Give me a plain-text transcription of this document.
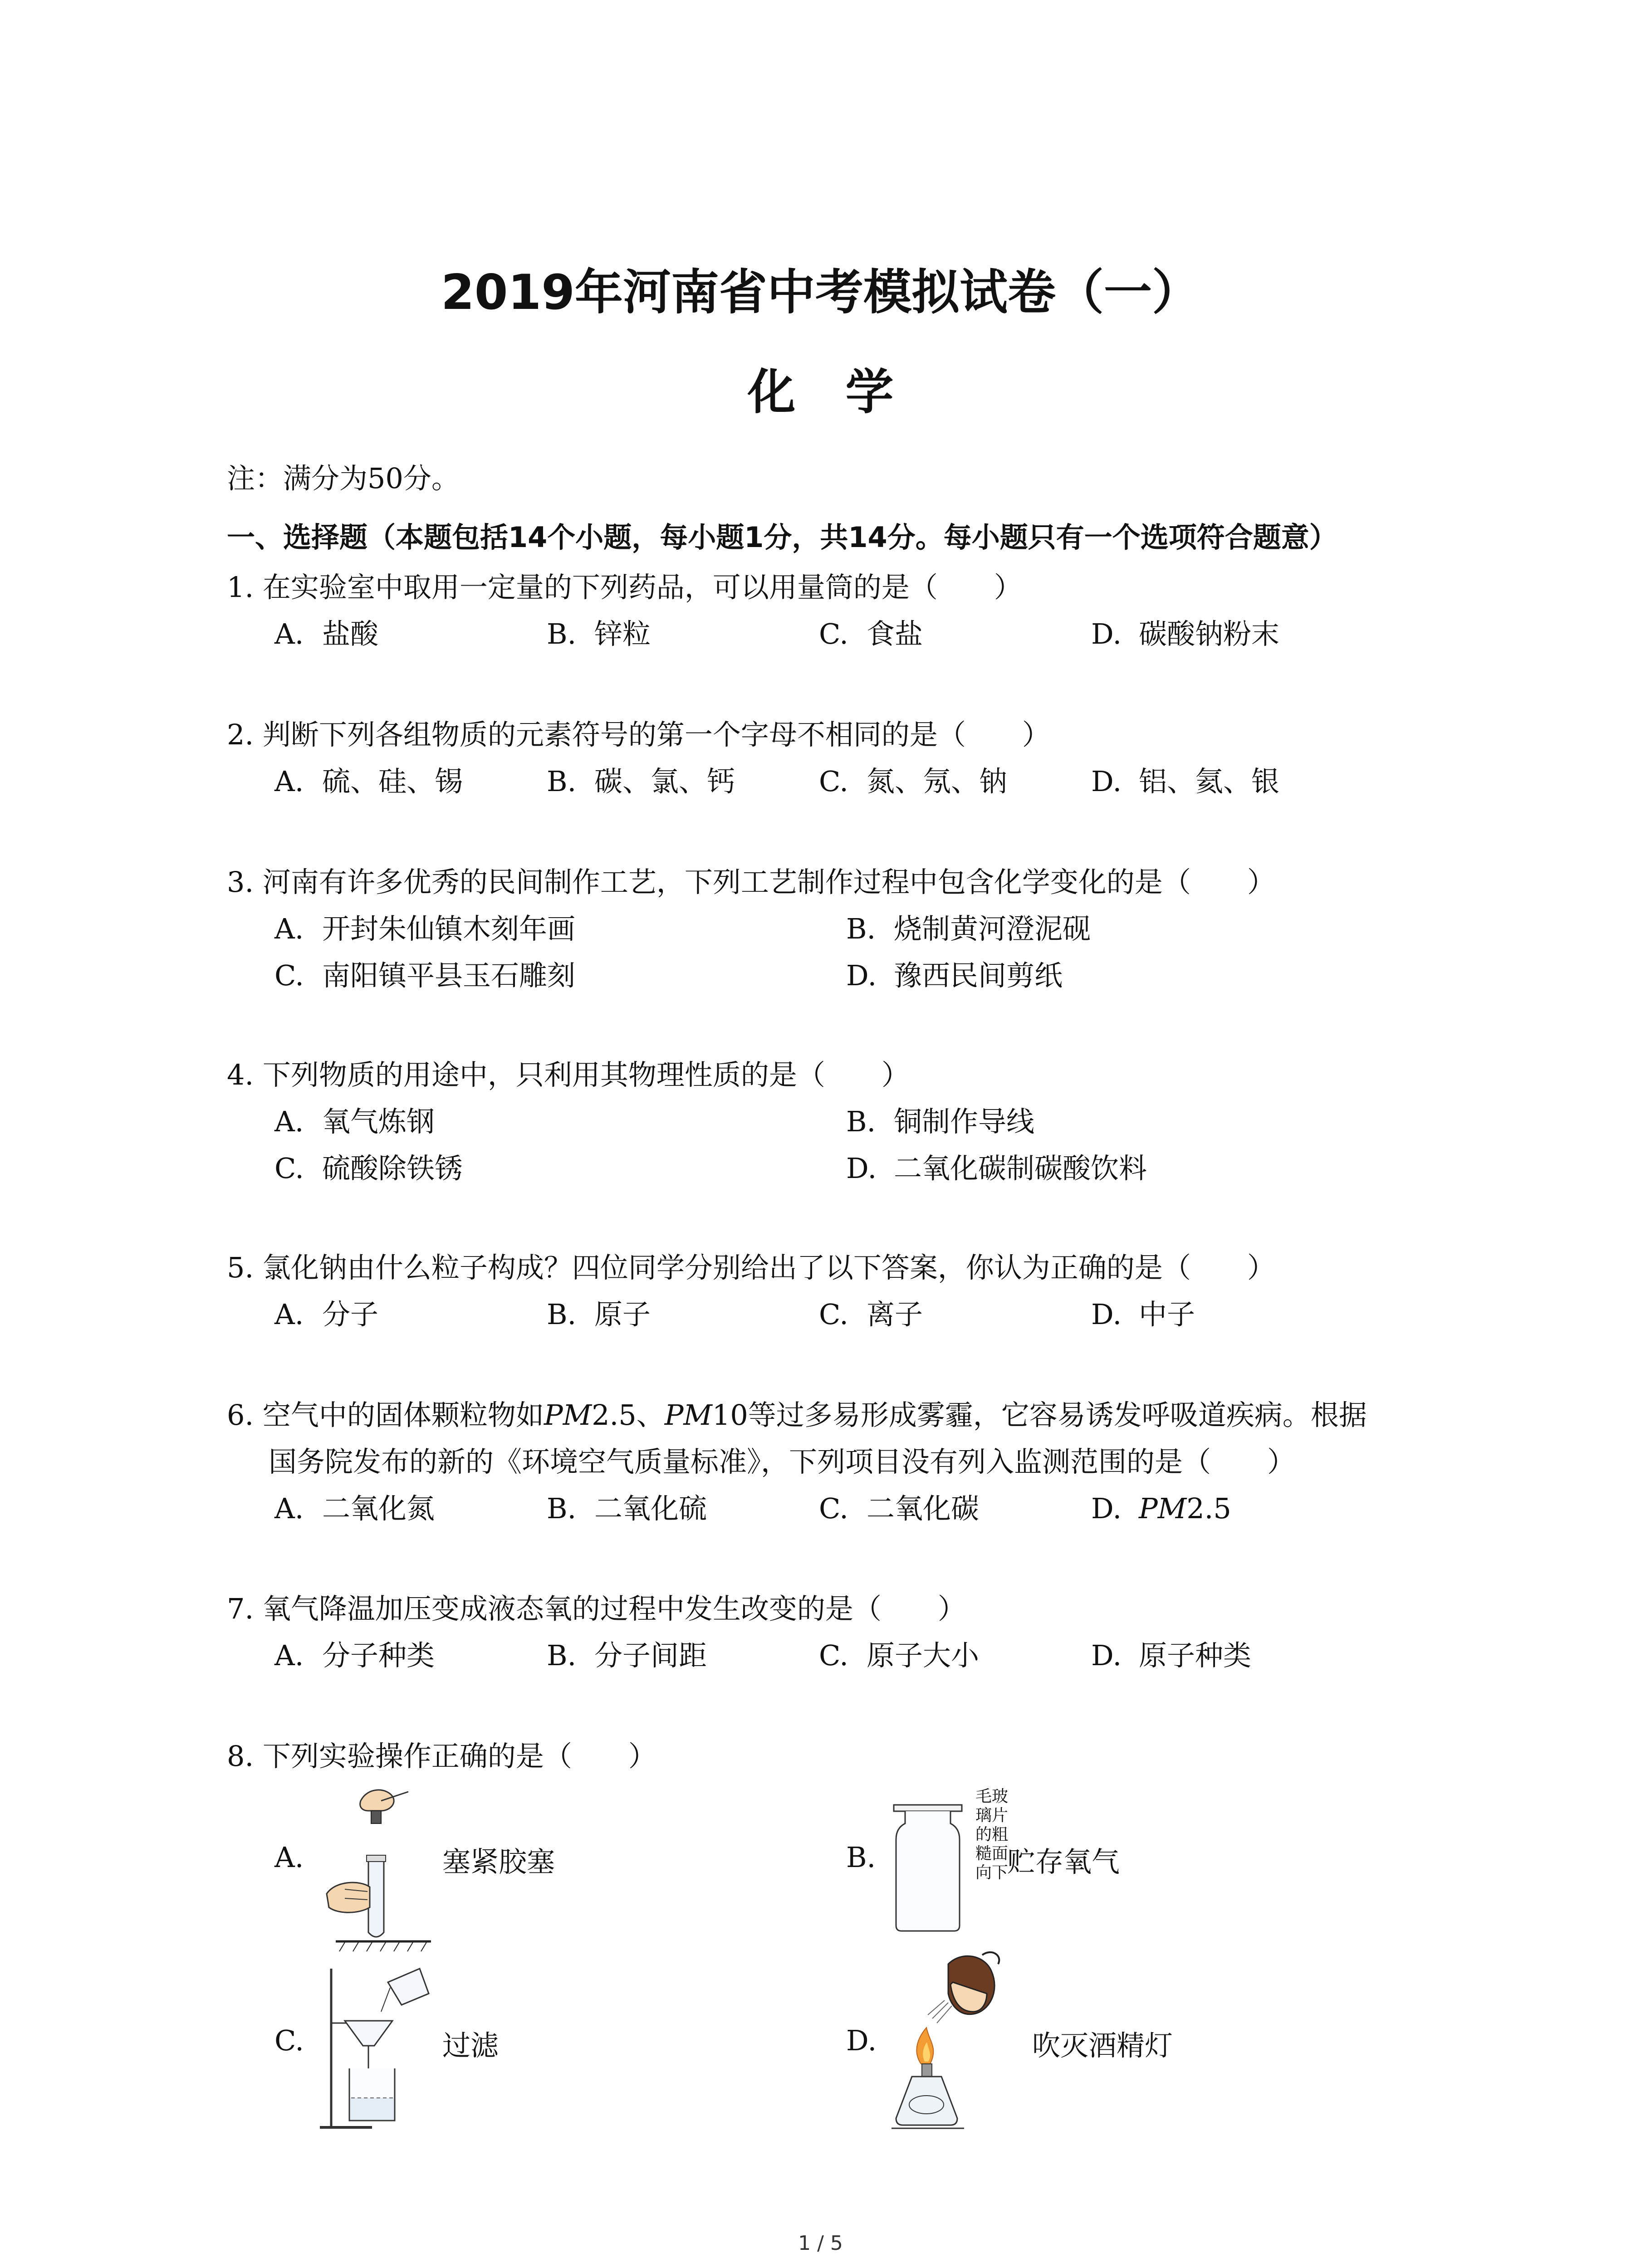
2019年河南省中考模拟试卷（一）
化学
注：满分为50分。
一、选择题（本题包括14个小题，每小题1分，共14分。每小题只有一个选项符合题意）
1. 在实验室中取用一定量的下列药品，可以用量筒的是（　　）
A. 盐酸	B. 锌粒	C. 食盐	D. 碳酸钠粉末
2. 判断下列各组物质的元素符号的第一个字母不相同的是（　　）
A. 硫、硅、锡	B. 碳、氯、钙	C. 氮、氖、钠	D. 铝、氦、银
3. 河南有许多优秀的民间制作工艺，下列工艺制作过程中包含化学变化的是（　　）
A. 开封朱仙镇木刻年画	B. 烧制黄河澄泥砚
C. 南阳镇平县玉石雕刻	D. 豫西民间剪纸
4. 下列物质的用途中，只利用其物理性质的是（　　）
A. 氧气炼钢	B. 铜制作导线
C. 硫酸除铁锈	D. 二氧化碳制碳酸饮料
5. 氯化钠由什么粒子构成？四位同学分别给出了以下答案，你认为正确的是（　　）
A. 分子	B. 原子	C. 离子	D. 中子
6. 空气中的固体颗粒物如PM2.5、PM10等过多易形成雾霾，它容易诱发呼吸道疾病。根据
国务院发布的新的《环境空气质量标准》，下列项目没有列入监测范围的是（　　）
A. 二氧化氮	B. 二氧化硫	C. 二氧化碳	D. PM2.5
7. 氧气降温加压变成液态氧的过程中发生改变的是（　　）
A. 分子种类	B. 分子间距	C. 原子大小	D. 原子种类
8. 下列实验操作正确的是（　　）
A.	塞紧胶塞	B.
毛玻
璃片
的粗
糙面
向下
贮存氧气
C.	过滤	D.	吹灭酒精灯
1 / 5
